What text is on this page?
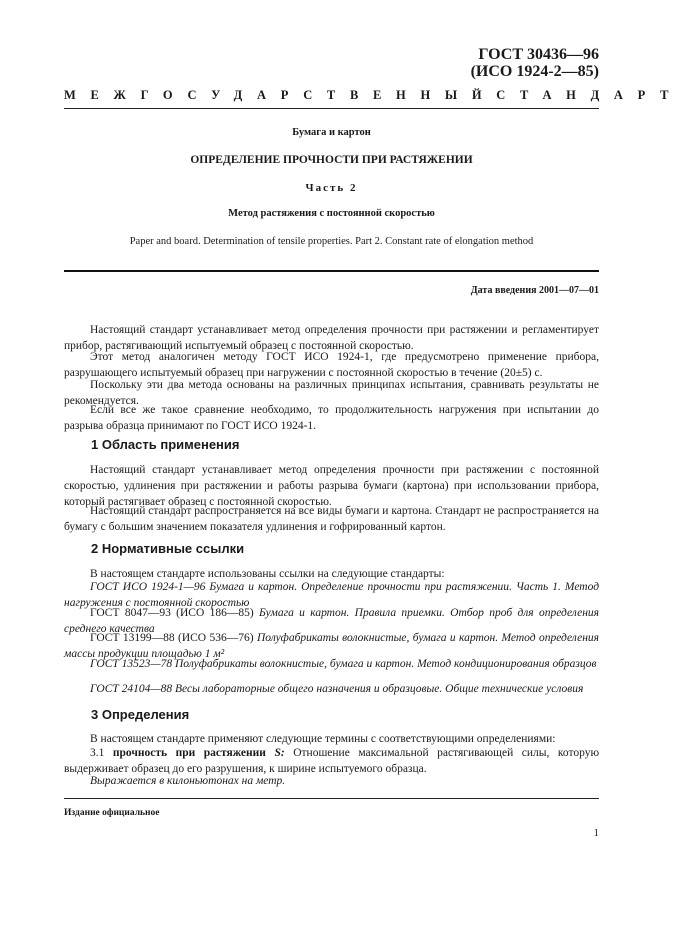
ГОСТ 30436—96
(ИСО 1924-2—85)
МЕЖГОСУДАРСТВЕННЫЙ СТАНДАРТ
Бумага и картон
ОПРЕДЕЛЕНИЕ ПРОЧНОСТИ ПРИ РАСТЯЖЕНИИ
Часть 2
Метод растяжения с постоянной скоростью
Paper and board. Determination of tensile properties. Part 2. Constant rate of elongation method
Дата введения 2001—07—01
Настоящий стандарт устанавливает метод определения прочности при растяжении и регламентирует прибор, растягивающий испытуемый образец с постоянной скоростью.
Этот метод аналогичен методу ГОСТ ИСО 1924-1, где предусмотрено применение прибора, разрушающего испытуемый образец при нагружении с постоянной скоростью в течение (20±5) с.
Поскольку эти два метода основаны на различных принципах испытания, сравнивать результаты не рекомендуется.
Если все же такое сравнение необходимо, то продолжительность нагружения при испытании до разрыва образца принимают по ГОСТ ИСО 1924-1.
1 Область применения
Настоящий стандарт устанавливает метод определения прочности при растяжении с постоянной скоростью, удлинения при растяжении и работы разрыва бумаги (картона) при использовании прибора, который растягивает образец с постоянной скоростью.
Настоящий стандарт распространяется на все виды бумаги и картона. Стандарт не распространяется на бумагу с большим значением показателя удлинения и гофрированный картон.
2 Нормативные ссылки
В настоящем стандарте использованы ссылки на следующие стандарты:
ГОСТ ИСО 1924-1—96 Бумага и картон. Определение прочности при растяжении. Часть 1. Метод нагружения с постоянной скоростью
ГОСТ 8047—93 (ИСО 186—85) Бумага и картон. Правила приемки. Отбор проб для определения среднего качества
ГОСТ 13199—88 (ИСО 536—76) Полуфабрикаты волокнистые, бумага и картон. Метод определения массы продукции площадью 1 м²
ГОСТ 13523—78 Полуфабрикаты волокнистые, бумага и картон. Метод кондиционирования образцов
ГОСТ 24104—88 Весы лабораторные общего назначения и образцовые. Общие технические условия
3 Определения
В настоящем стандарте применяют следующие термины с соответствующими определениями:
3.1 прочность при растяжении S: Отношение максимальной растягивающей силы, которую выдерживает образец до его разрушения, к ширине испытуемого образца.
Выражается в килоньютонах на метр.
Издание официальное
1
